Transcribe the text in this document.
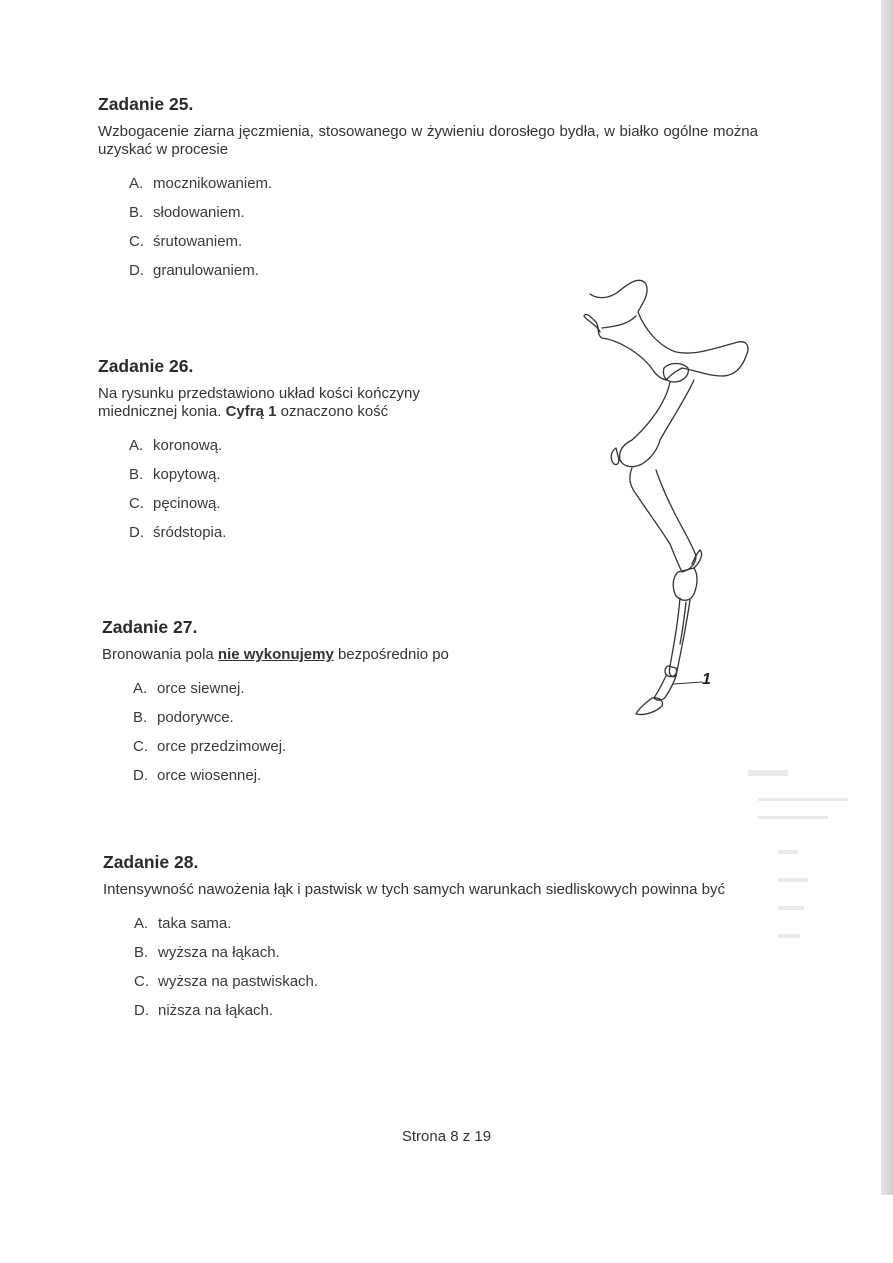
Zadanie 25.

Wzbogacenie ziarna jęczmienia, stosowanego w żywieniu dorosłego bydła, w białko ogólne można uzyskać w procesie

A. mocznikowaniem.
B. słodowaniem.
C. śrutowaniem.
D. granulowaniem.
Zadanie 26.

Na rysunku przedstawiono układ kości kończyny miednicznej konia. Cyfrą 1 oznaczono kość

A. koronową.
B. kopytową.
C. pęcinową.
D. śródstopia.
Zadanie 27.

Bronowania pola nie wykonujemy bezpośrednio po

A. orce siewnej.
B. podorywce.
C. orce przedzimowej.
D. orce wiosennej.
Zadanie 28.

Intensywność nawożenia łąk i pastwisk w tych samych warunkach siedliskowych powinna być

A. taka sama.
B. wyższa na łąkach.
C. wyższa na pastwiskach.
D. niższa na łąkach.
1
Strona 8 z 19
